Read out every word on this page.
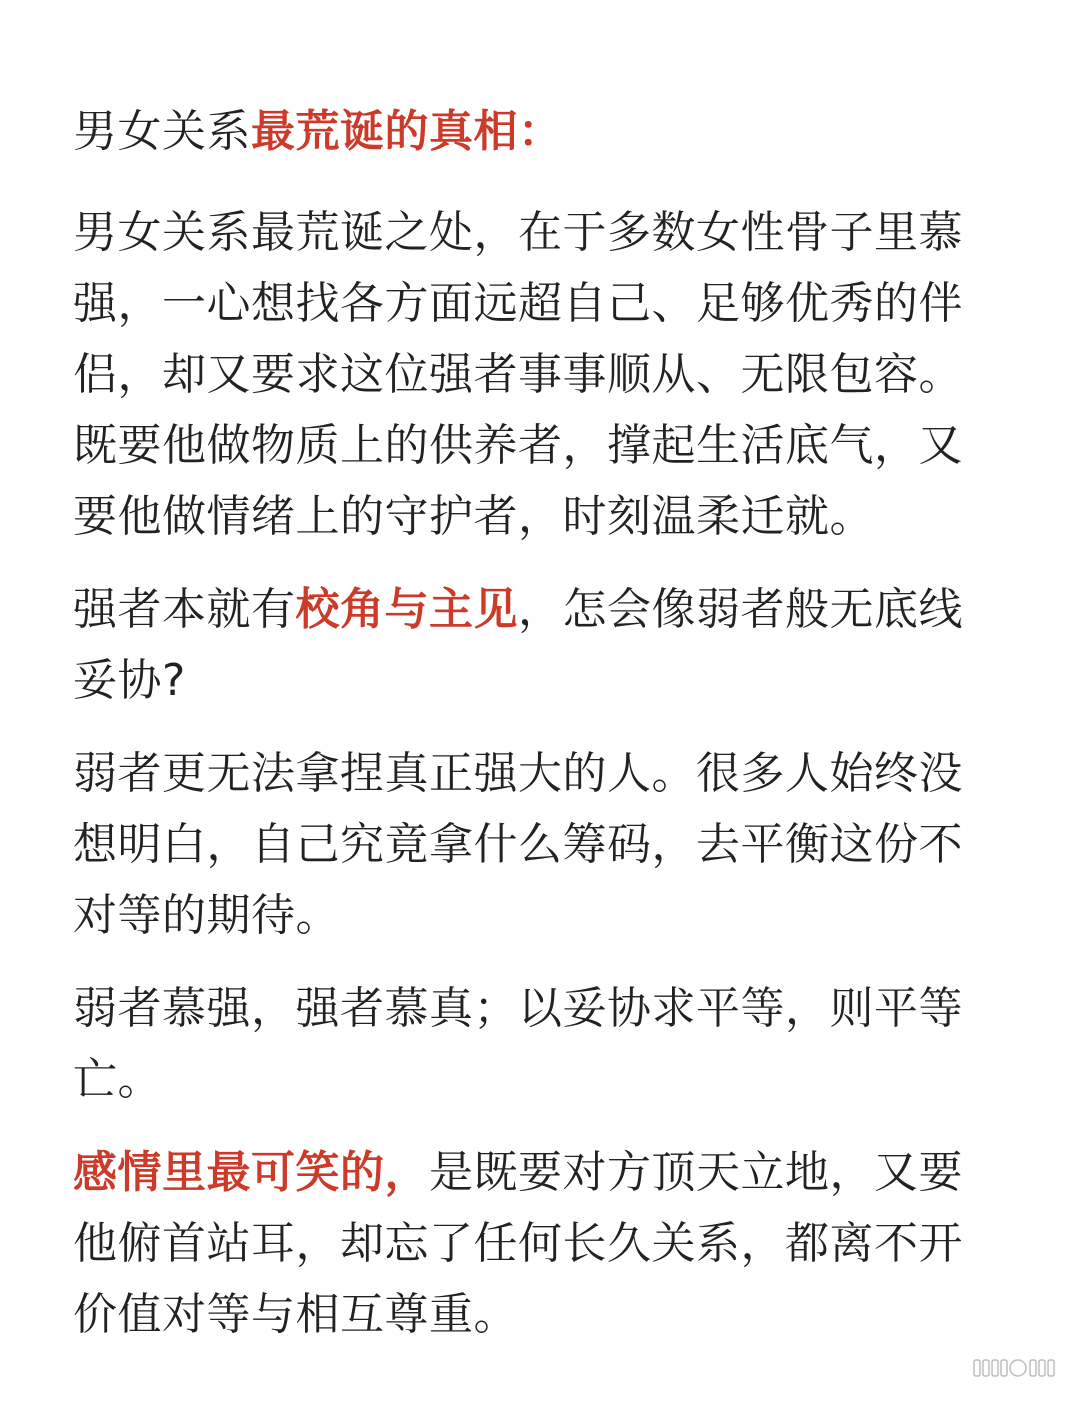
男女关系最荒诞的真相：

男女关系最荒诞之处，在于多数女性骨子里慕强，一心想找各方面远超自己、足够优秀的伴侣，却又要求这位强者事事顺从、无限包容。既要他做物质上的供养者，撑起生活底气，又要他做情绪上的守护者，时刻温柔迁就。

强者本就有校角与主见，怎会像弱者般无底线妥协?

弱者更无法拿捏真正强大的人。很多人始终没想明白，自己究竟拿什么筹码，去平衡这份不对等的期待。

弱者慕强，强者慕真；以妥协求平等，则平等亡。

感情里最可笑的，是既要对方顶天立地，又要他俯首站耳，却忘了任何长久关系，都离不开价值对等与相互尊重。
